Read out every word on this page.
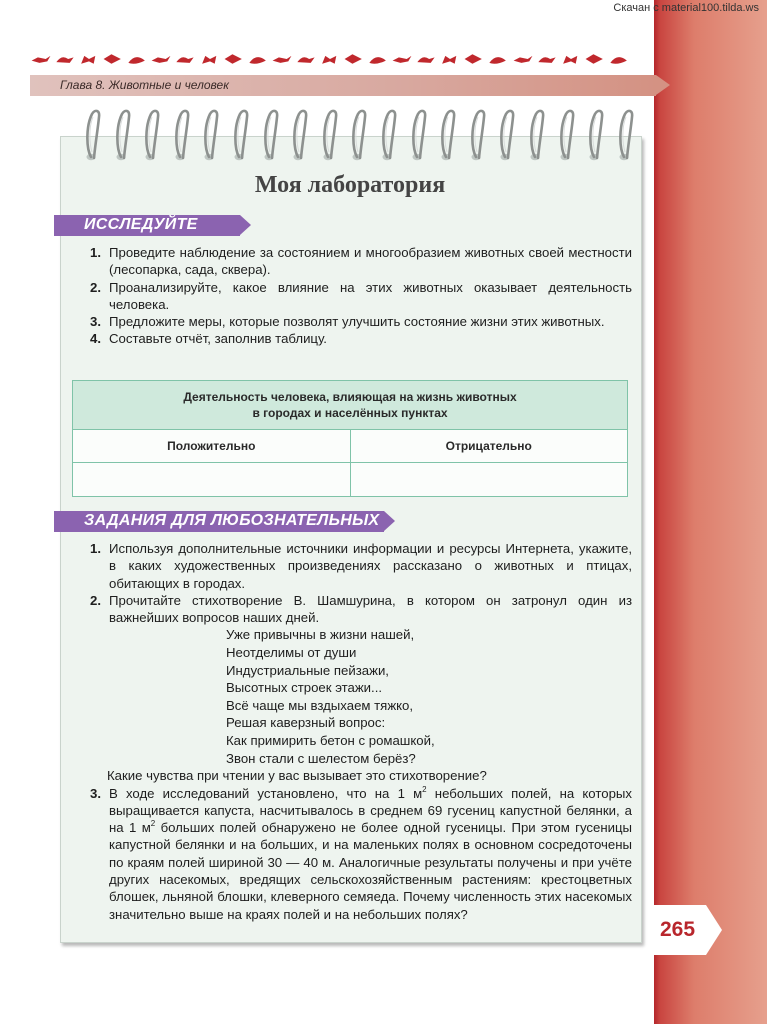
Скачан с material100.tilda.ws
Глава 8. Животные и человек
Моя лаборатория
ИССЛЕДУЙТЕ
1. Проведите наблюдение за состоянием и многообразием животных своей местности (лесопарка, сада, сквера).
2. Проанализируйте, какое влияние на этих животных оказывает деятельность человека.
3. Предложите меры, которые позволят улучшить состояние жизни этих животных.
4. Составьте отчёт, заполнив таблицу.
Деятельность человека, влияющая на жизнь животных
в городах и населённых пунктах	

Положительно	Отрицательно

ЗАДАНИЯ ДЛЯ ЛЮБОЗНАТЕЛЬНЫХ
1. Используя дополнительные источники информации и ресурсы Интернета, укажите, в каких художественных произведениях рассказано о животных и птицах, обитающих в городах.
2. Прочитайте стихотворение В. Шамшурина, в котором он затронул один из важнейших вопросов наших дней.
Уже привычны в жизни нашей,
Неотделимы от души
Индустриальные пейзажи,
Высотных строек этажи...
Всё чаще мы вздыхаем тяжко,
Решая каверзный вопрос:
Как примирить бетон с ромашкой,
Звон стали с шелестом берёз?
Какие чувства при чтении у вас вызывает это стихотворение?
3. В ходе исследований установлено, что на 1 $м^2$ небольших полей, на которых выращивается капуста, насчитывалось в среднем 69 гусениц капустной белянки, а на 1 $м^2$ больших полей обнаружено не более одной гусеницы. При этом гусеницы капустной белянки и на больших, и на маленьких полях в основном сосредоточены по краям полей шириной 30 — 40 м. Аналогичные результаты получены и при учёте других насекомых, вредящих сельскохозяйственным растениям: крестоцветных блошек, льняной блошки, клеверного семяеда. Почему численность этих насекомых значительно выше на краях полей и на небольших полях?
265
